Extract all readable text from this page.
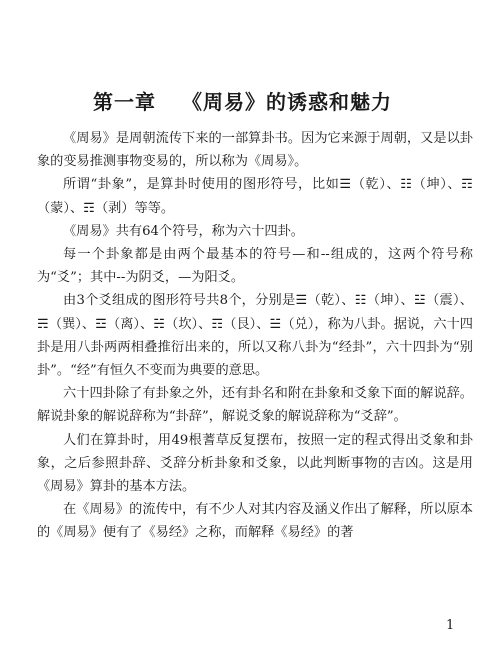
第一章 《周易》的诱惑和魅力

《周易》是周朝流传下来的一部算卦书。因为它来源于周朝，又是以卦象的变易推测事物变易的，所以称为《周易》。

所谓“卦象”，是算卦时使用的图形符号，比如☰（乾）、☷（坤）、☶（蒙）、☶（剥）等等。

《周易》共有64个符号，称为六十四卦。

每一个卦象都是由两个最基本的符号—和--组成的，这两个符号称为“爻”；其中--为阴爻，—为阳爻。

由3个爻组成的图形符号共8个，分别是☰（乾）、☷（坤）、☳（震）、☴（巽）、☲（离）、☵（坎）、☶（艮）、☱（兑），称为八卦。据说，六十四卦是用八卦两两相叠推衍出来的，所以又称八卦为“经卦”，六十四卦为“别卦”。“经”有恒久不变而为典要的意思。

六十四卦除了有卦象之外，还有卦名和附在卦象和爻象下面的解说辞。解说卦象的解说辞称为“卦辞”，解说爻象的解说辞称为“爻辞”。

人们在算卦时，用49根蓍草反复摆布，按照一定的程式得出爻象和卦象，之后参照卦辞、爻辞分析卦象和爻象，以此判断事物的吉凶。这是用《周易》算卦的基本方法。

在《周易》的流传中，有不少人对其内容及涵义作出了解释，所以原本的《周易》便有了《易经》之称，而解释《易经》的著

1
